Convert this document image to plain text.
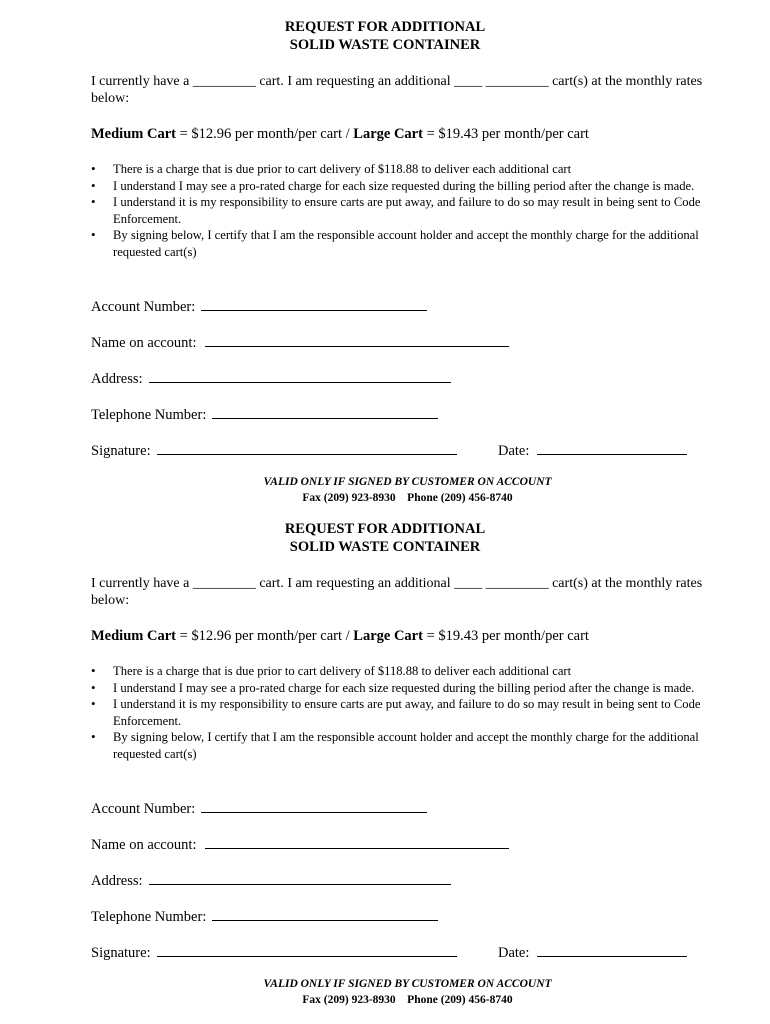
REQUEST FOR ADDITIONAL
SOLID WASTE CONTAINER
I currently have a _________ cart. I am requesting an additional ____ _________ cart(s) at the monthly rates below:
Medium Cart = $12.96 per month/per cart / Large Cart = $19.43 per month/per cart
• There is a charge that is due prior to cart delivery of $118.88 to deliver each additional cart
• I understand I may see a pro-rated charge for each size requested during the billing period after the change is made.
• I understand it is my responsibility to ensure carts are put away, and failure to do so may result in being sent to Code Enforcement.
• By signing below, I certify that I am the responsible account holder and accept the monthly charge for the additional requested cart(s)
Account Number:
Name on account:
Address:
Telephone Number:
Signature:	Date:
VALID ONLY IF SIGNED BY CUSTOMER ON ACCOUNT
Fax (209) 923-8930    Phone (209) 456-8740
REQUEST FOR ADDITIONAL
SOLID WASTE CONTAINER
I currently have a _________ cart. I am requesting an additional ____ _________ cart(s) at the monthly rates below:
Medium Cart = $12.96 per month/per cart / Large Cart = $19.43 per month/per cart
• There is a charge that is due prior to cart delivery of $118.88 to deliver each additional cart
• I understand I may see a pro-rated charge for each size requested during the billing period after the change is made.
• I understand it is my responsibility to ensure carts are put away, and failure to do so may result in being sent to Code Enforcement.
• By signing below, I certify that I am the responsible account holder and accept the monthly charge for the additional requested cart(s)
Account Number:
Name on account:
Address:
Telephone Number:
Signature:	Date:
VALID ONLY IF SIGNED BY CUSTOMER ON ACCOUNT
Fax (209) 923-8930    Phone (209) 456-8740
